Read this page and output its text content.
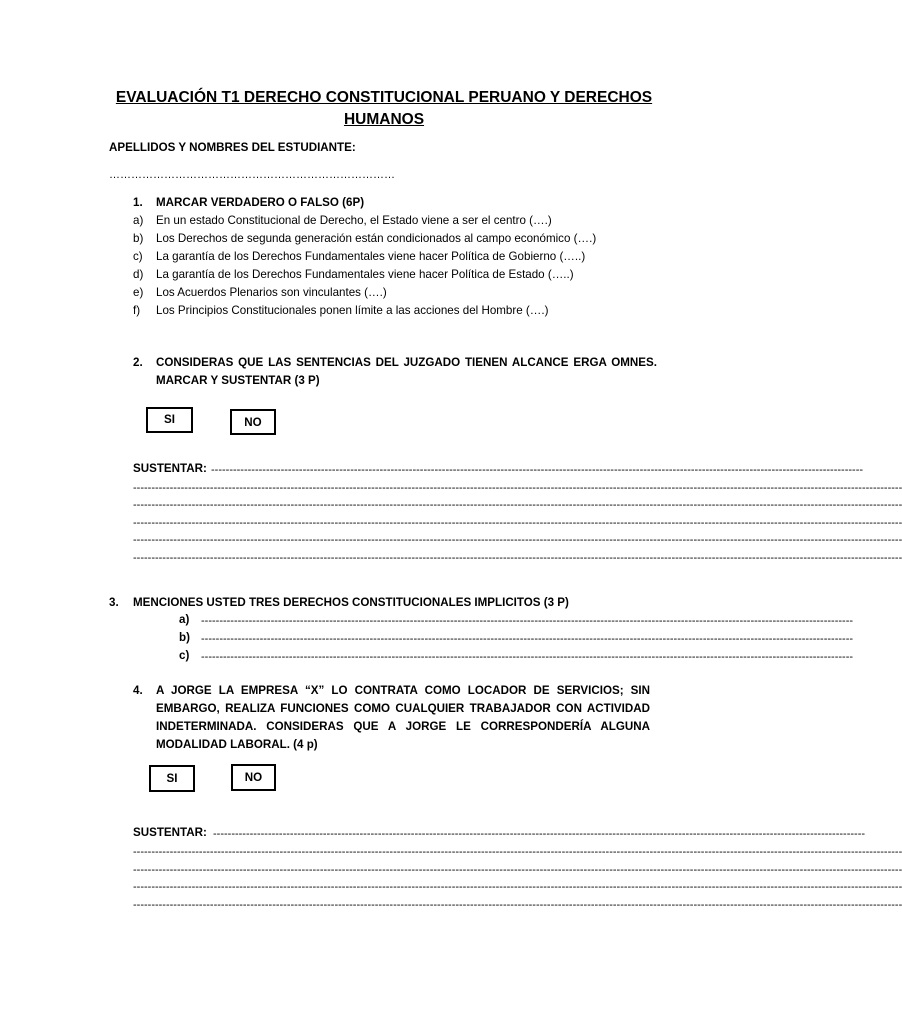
EVALUACIÓN T1 DERECHO CONSTITUCIONAL PERUANO Y DERECHOS HUMANOS
APELLIDOS Y NOMBRES DEL ESTUDIANTE:
……………………………………………………………………
1. MARCAR VERDADERO O FALSO (6P)
a) En un estado Constitucional de Derecho, el Estado viene a ser el centro (….)
b) Los Derechos de segunda generación están condicionados al campo económico (….)
c) La garantía de los Derechos Fundamentales viene hacer Política de Gobierno (…..)
d) La garantía de los Derechos Fundamentales viene hacer Política de Estado (…..)
e) Los Acuerdos Plenarios son vinculantes (….)
f) Los Principios Constitucionales ponen límite a las acciones del Hombre (….)
2. CONSIDERAS QUE LAS SENTENCIAS DEL JUZGADO TIENEN ALCANCE ERGA OMNES.
MARCAR Y SUSTENTAR (3 P)
SI	NO
SUSTENTAR: ----------------------------------------------------------------------------------------------------------------------------------------------------------------------------------
------------------------------------------------------------------------------------------------------------------------------------------------------------------------------------------------------------------
------------------------------------------------------------------------------------------------------------------------------------------------------------------------------------------------------------------
------------------------------------------------------------------------------------------------------------------------------------------------------------------------------------------------------------------
------------------------------------------------------------------------------------------------------------------------------------------------------------------------------------------------------------------
------------------------------------------------------------------------------------------------------------------------------------------------------------------------------------------------------------------
3. MENCIONES USTED TRES DERECHOS CONSTITUCIONALES IMPLICITOS (3 P)
a) ----------------------------------------------------------------------------------------------------------------------------------------------------------------------------------
b) ----------------------------------------------------------------------------------------------------------------------------------------------------------------------------------
c) ----------------------------------------------------------------------------------------------------------------------------------------------------------------------------------
4. A JORGE LA EMPRESA “X” LO CONTRATA COMO LOCADOR DE SERVICIOS; SIN
EMBARGO, REALIZA FUNCIONES COMO CUALQUIER TRABAJADOR CON ACTIVIDAD
INDETERMINADA. CONSIDERAS QUE A JORGE LE CORRESPONDERÍA ALGUNA
MODALIDAD LABORAL. (4 p)
SI	NO
SUSTENTAR: ----------------------------------------------------------------------------------------------------------------------------------------------------------------------------------
------------------------------------------------------------------------------------------------------------------------------------------------------------------------------------------------------------------
------------------------------------------------------------------------------------------------------------------------------------------------------------------------------------------------------------------
------------------------------------------------------------------------------------------------------------------------------------------------------------------------------------------------------------------
------------------------------------------------------------------------------------------------------------------------------------------------------------------------------------------------------------------
